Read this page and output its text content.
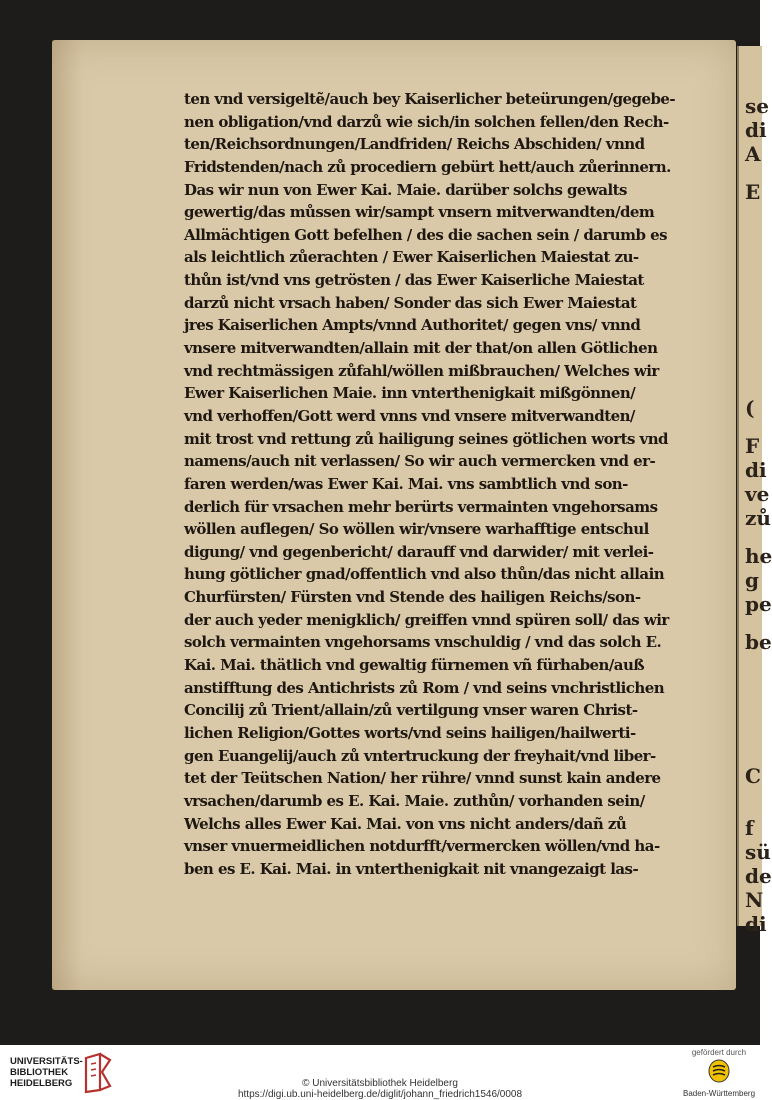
ten vnd versigeltẽ/auch bey Kaiserlicher beteürungen/gegebe-
nen obligation/vnd darzů wie sich/in solchen fellen/den Rech-
ten/Reichsordnungen/Landfriden/ Reichs Abschiden/ vnnd
Fridstenden/nach zů procediern gebürt hett/auch zůerinnern.
Das wir nun von Ewer Kai. Maie. darüber solchs gewalts
gewertig/das můssen wir/sampt vnsern mitverwandten/dem
Allmächtigen Gott befelhen / des die sachen sein / darumb es
als leichtlich zůerachten / Ewer Kaiserlichen Maiestat zu-
thůn ist/vnd vns getrösten / das Ewer Kaiserliche Maiestat
darzů nicht vrsach haben/ Sonder das sich Ewer Maiestat
jres Kaiserlichen Ampts/vnnd Authoritet/ gegen vns/ vnnd
vnsere mitverwandten/allain mit der that/on allen Götlichen
vnd rechtmässigen zůfahl/wöllen mißbrauchen/ Welches wir
Ewer Kaiserlichen Maie. inn vnterthenigkait mißgönnen/
vnd verhoffen/Gott werd vnns vnd vnsere mitverwandten/
mit trost vnd rettung zů hailigung seines götlichen worts vnd
namens/auch nit verlassen/ So wir auch vermercken vnd er-
faren werden/was Ewer Kai. Mai. vns sambtlich vnd son-
derlich für vrsachen mehr berürts vermainten vngehorsams
wöllen auflegen/ So wöllen wir/vnsere warhafftige entschul
digung/ vnd gegenbericht/ darauff vnd darwider/ mit verlei-
hung götlicher gnad/offentlich vnd also thůn/das nicht allain
Churfürsten/ Fürsten vnd Stende des hailigen Reichs/son-
der auch yeder menigklich/ greiffen vnnd spüren soll/ das wir
solch vermainten vngehorsams vnschuldig / vnd das solch E.
Kai. Mai. thätlich vnd gewaltig fürnemen vñ fürhaben/auß
anstifftung des Antichrists zů Rom / vnd seins vnchristlichen
Concilij zů Trient/allain/zů vertilgung vnser waren Christ-
lichen Religion/Gottes worts/vnd seins hailigen/hailwerti-
gen Euangelij/auch zů vntertruckung der freyhait/vnd liber-
tet der Teütschen Nation/ her rühre/ vnnd sunst kain andere
vrsachen/darumb es E. Kai. Maie. zuthůn/ vorhanden sein/
Welchs alles Ewer Kai. Mai. von vns nicht anders/dañ zů
vnser vnuermeidlichen notdurfft/vermercken wöllen/vnd ha-
ben es E. Kai. Mai. in vnterthenigkait nit vnangezaigt las-
se
di
A
E
(
F
di
ve
zů
he
g
pe
be
C
f
sü
de
N
di
UNIVERSITÄTS-
BIBLIOTHEK
HEIDELBERG	© Universitätsbibliothek Heidelberg
https://digi.ub.uni-heidelberg.de/diglit/johann_friedrich1546/0008
gefördert durch
Baden-Württemberg
